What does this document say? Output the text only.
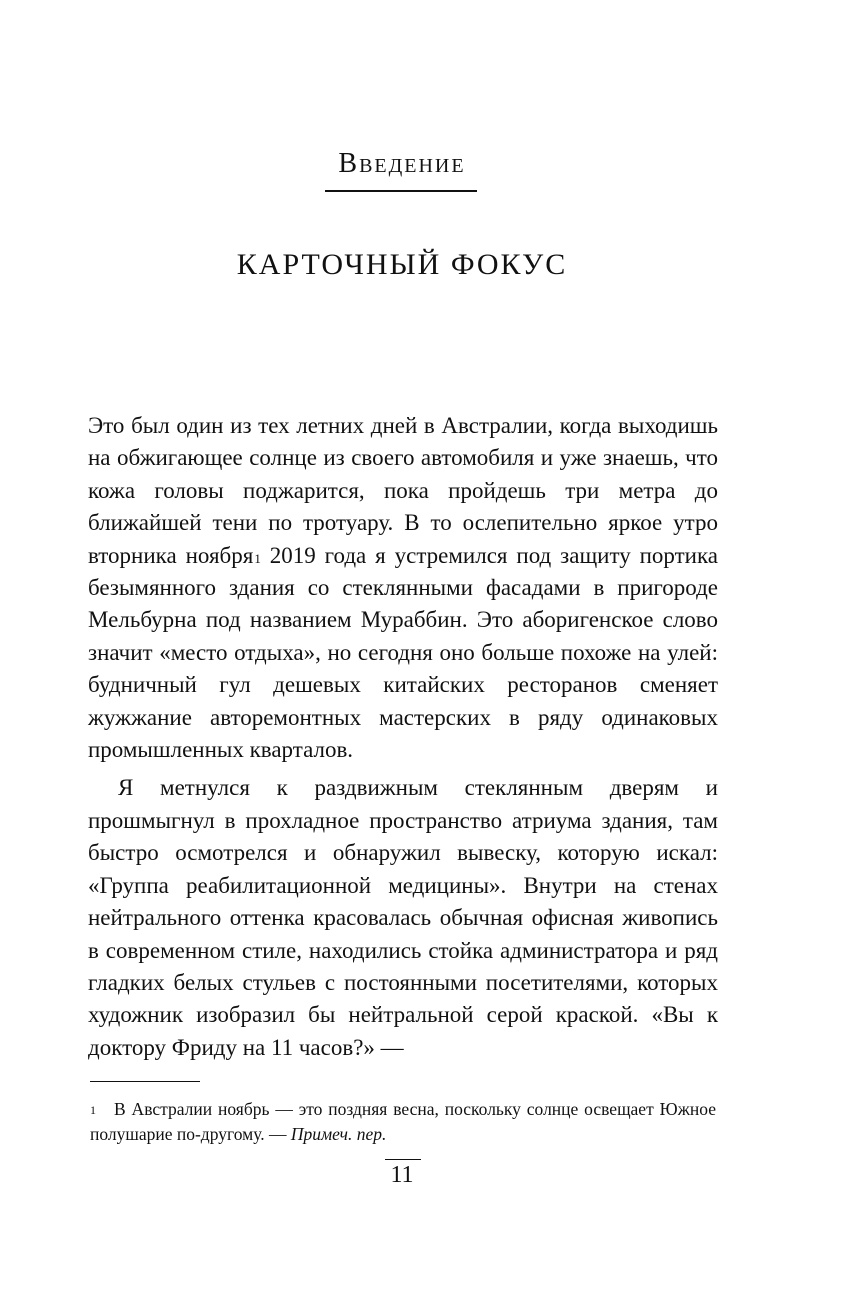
Введение
КАРТОЧНЫЙ ФОКУС

Это был один из тех летних дней в Австралии, когда выходишь на обжигающее солнце из своего автомобиля и уже знаешь, что кожа головы поджарится, пока пройдешь три метра до ближайшей тени по тротуару. В то ослепительно яркое утро вторника ноября$^1$ 2019 года я устремился под защиту портика безымянного здания со стеклянными фасадами в пригороде Мельбурна под названием Мураббин. Это аборигенское слово значит «место отдыха», но сегодня оно больше похоже на улей: будничный гул дешевых китайских ресторанов сменяет жужжание авторемонтных мастерских в ряду одинаковых промышленных кварталов.

Я метнулся к раздвижным стеклянным дверям и прошмыгнул в прохладное пространство атриума здания, там быстро осмотрелся и обнаружил вывеску, которую искал: «Группа реабилитационной медицины». Внутри на стенах нейтрального оттенка красовалась обычная офисная живопись в современном стиле, находились стойка администратора и ряд гладких белых стульев с постоянными посетителями, которых художник изобразил бы нейтральной серой краской. «Вы к доктору Фриду на 11 часов?» —

$^1$ В Австралии ноябрь — это поздняя весна, поскольку солнце освещает Южное полушарие по-другому. — Примеч. пер.
11
